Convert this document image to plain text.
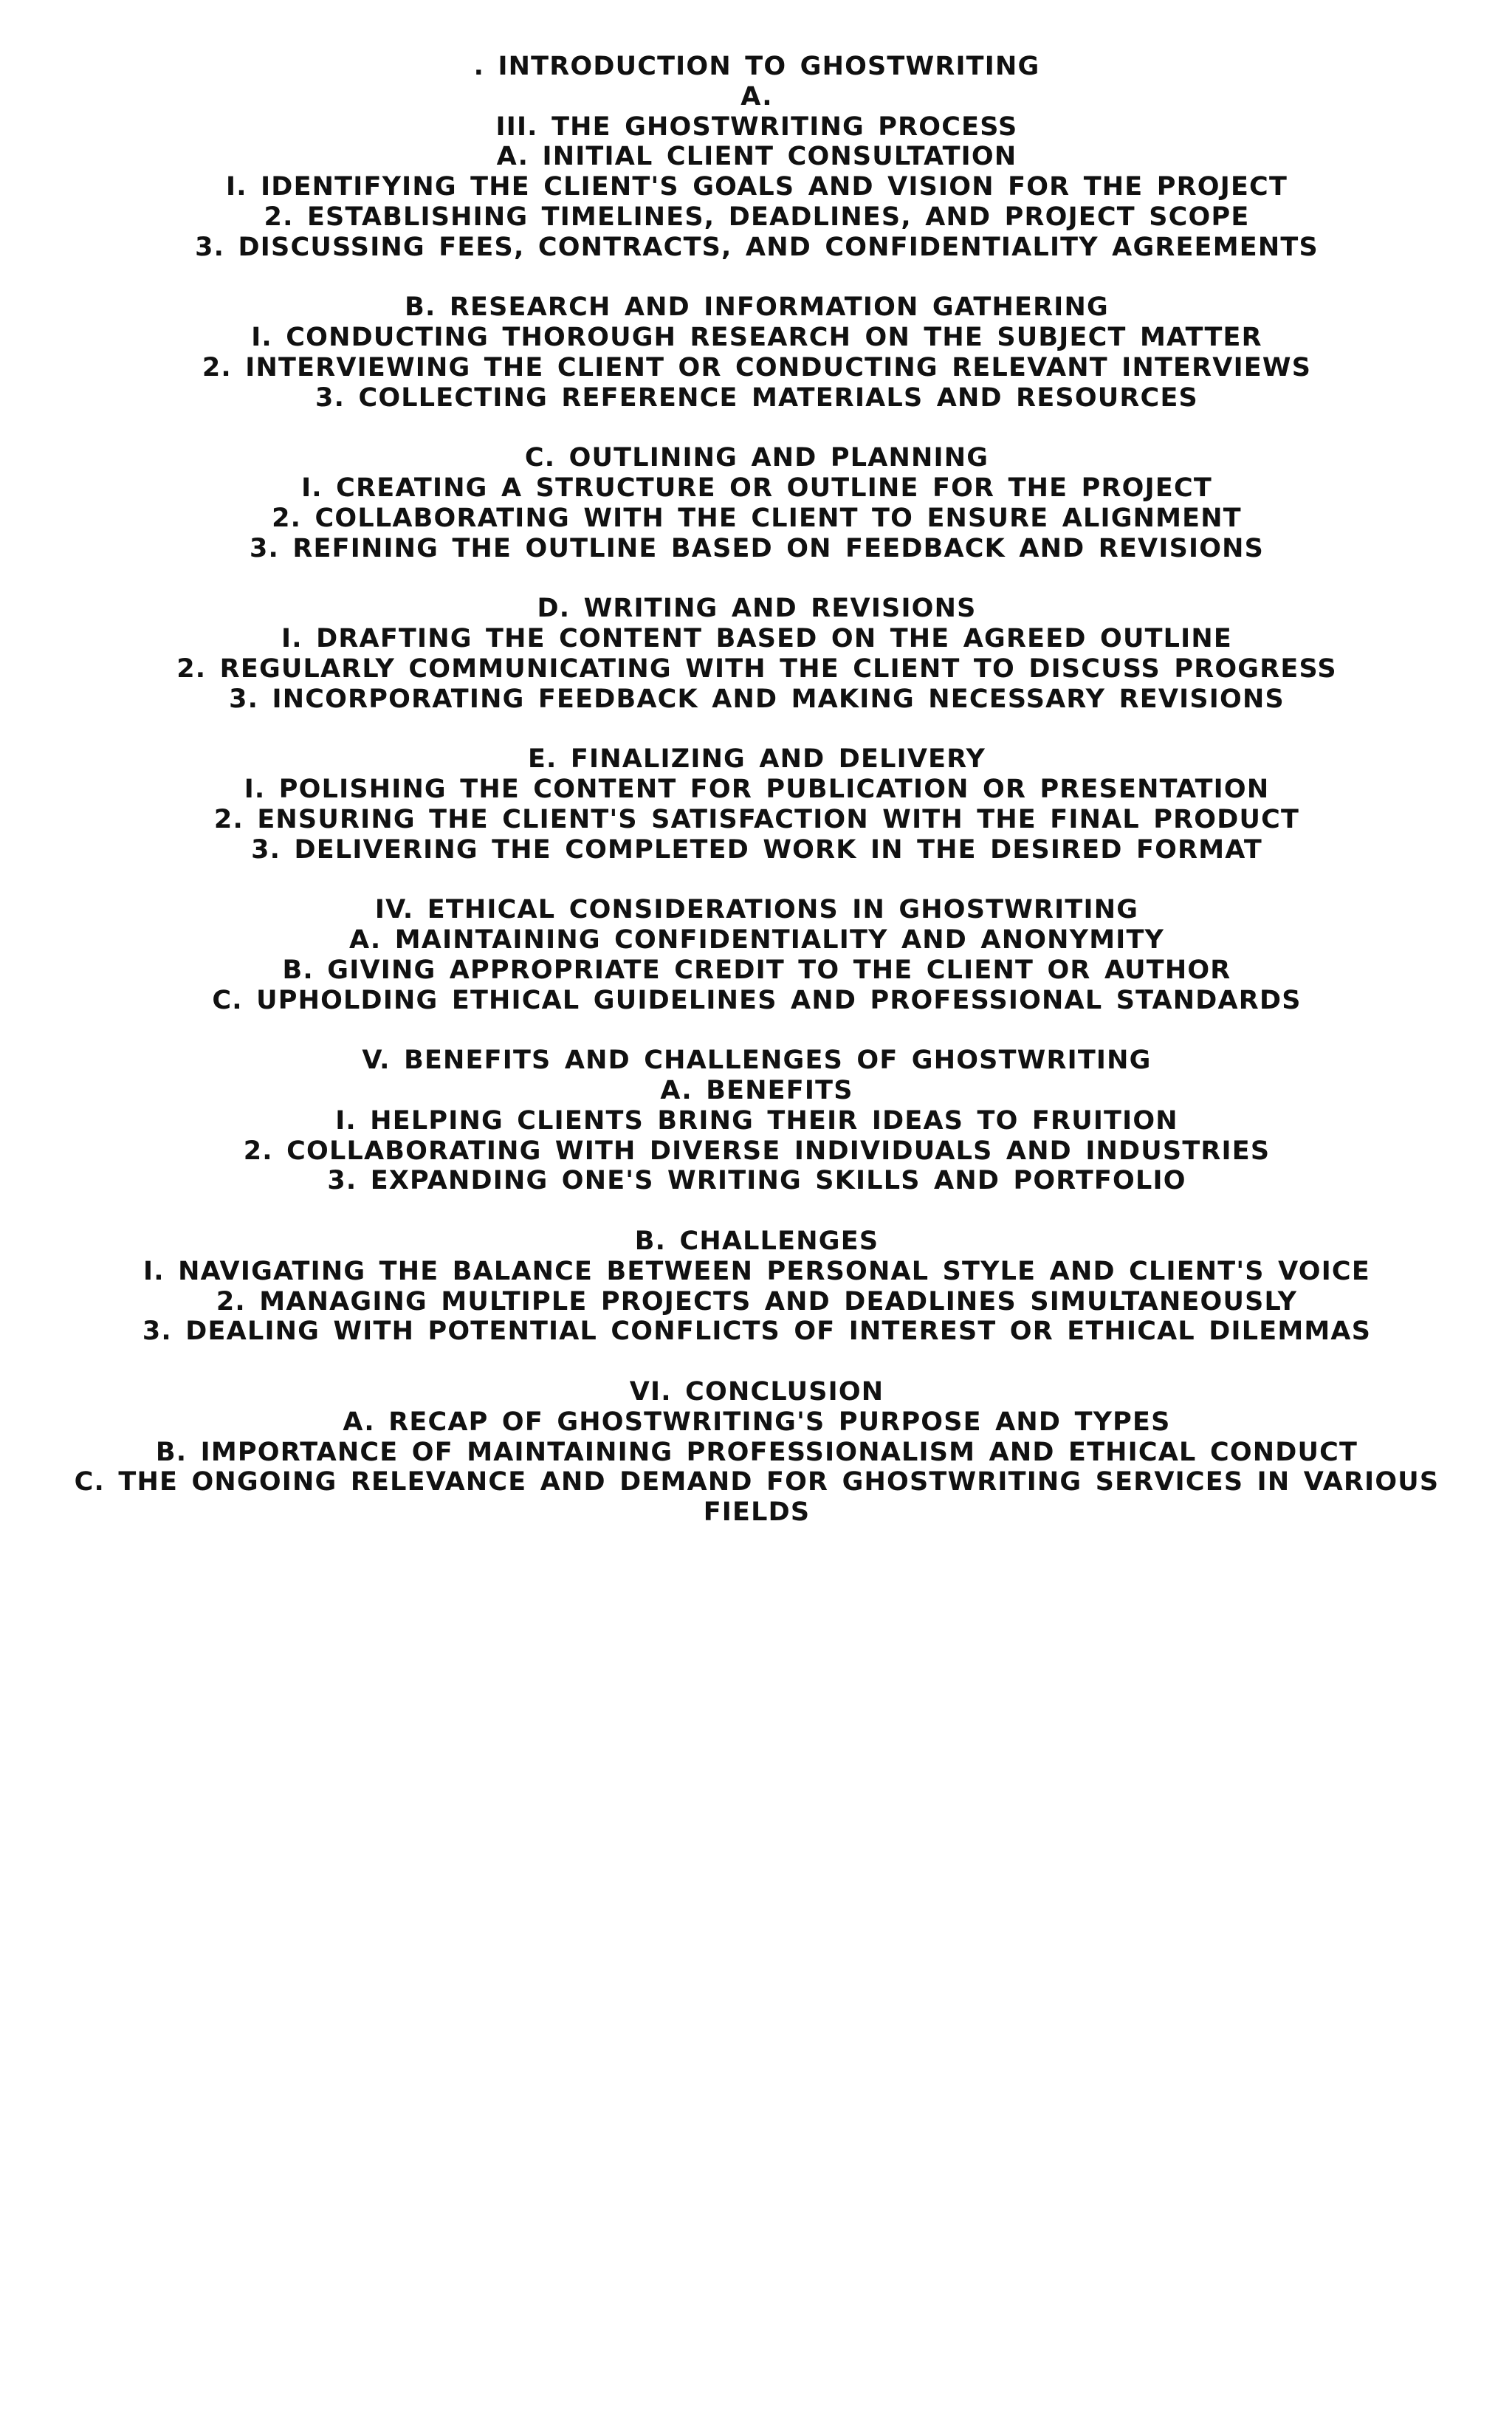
. INTRODUCTION TO GHOSTWRITING
A.
III. THE GHOSTWRITING PROCESS
A. INITIAL CLIENT CONSULTATION
I. IDENTIFYING THE CLIENT'S GOALS AND VISION FOR THE PROJECT
2. ESTABLISHING TIMELINES, DEADLINES, AND PROJECT SCOPE
3. DISCUSSING FEES, CONTRACTS, AND CONFIDENTIALITY AGREEMENTS
B. RESEARCH AND INFORMATION GATHERING
I. CONDUCTING THOROUGH RESEARCH ON THE SUBJECT MATTER
2. INTERVIEWING THE CLIENT OR CONDUCTING RELEVANT INTERVIEWS
3. COLLECTING REFERENCE MATERIALS AND RESOURCES
C. OUTLINING AND PLANNING
I. CREATING A STRUCTURE OR OUTLINE FOR THE PROJECT
2. COLLABORATING WITH THE CLIENT TO ENSURE ALIGNMENT
3. REFINING THE OUTLINE BASED ON FEEDBACK AND REVISIONS
D. WRITING AND REVISIONS
I. DRAFTING THE CONTENT BASED ON THE AGREED OUTLINE
2. REGULARLY COMMUNICATING WITH THE CLIENT TO DISCUSS PROGRESS
3. INCORPORATING FEEDBACK AND MAKING NECESSARY REVISIONS
E. FINALIZING AND DELIVERY
I. POLISHING THE CONTENT FOR PUBLICATION OR PRESENTATION
2. ENSURING THE CLIENT'S SATISFACTION WITH THE FINAL PRODUCT
3. DELIVERING THE COMPLETED WORK IN THE DESIRED FORMAT
IV. ETHICAL CONSIDERATIONS IN GHOSTWRITING
A. MAINTAINING CONFIDENTIALITY AND ANONYMITY
B. GIVING APPROPRIATE CREDIT TO THE CLIENT OR AUTHOR
C. UPHOLDING ETHICAL GUIDELINES AND PROFESSIONAL STANDARDS
V. BENEFITS AND CHALLENGES OF GHOSTWRITING
A. BENEFITS
I. HELPING CLIENTS BRING THEIR IDEAS TO FRUITION
2. COLLABORATING WITH DIVERSE INDIVIDUALS AND INDUSTRIES
3. EXPANDING ONE'S WRITING SKILLS AND PORTFOLIO
B. CHALLENGES
I. NAVIGATING THE BALANCE BETWEEN PERSONAL STYLE AND CLIENT'S VOICE
2. MANAGING MULTIPLE PROJECTS AND DEADLINES SIMULTANEOUSLY
3. DEALING WITH POTENTIAL CONFLICTS OF INTEREST OR ETHICAL DILEMMAS
VI. CONCLUSION
A. RECAP OF GHOSTWRITING'S PURPOSE AND TYPES
B. IMPORTANCE OF MAINTAINING PROFESSIONALISM AND ETHICAL CONDUCT
C. THE ONGOING RELEVANCE AND DEMAND FOR GHOSTWRITING SERVICES IN VARIOUS FIELDS
